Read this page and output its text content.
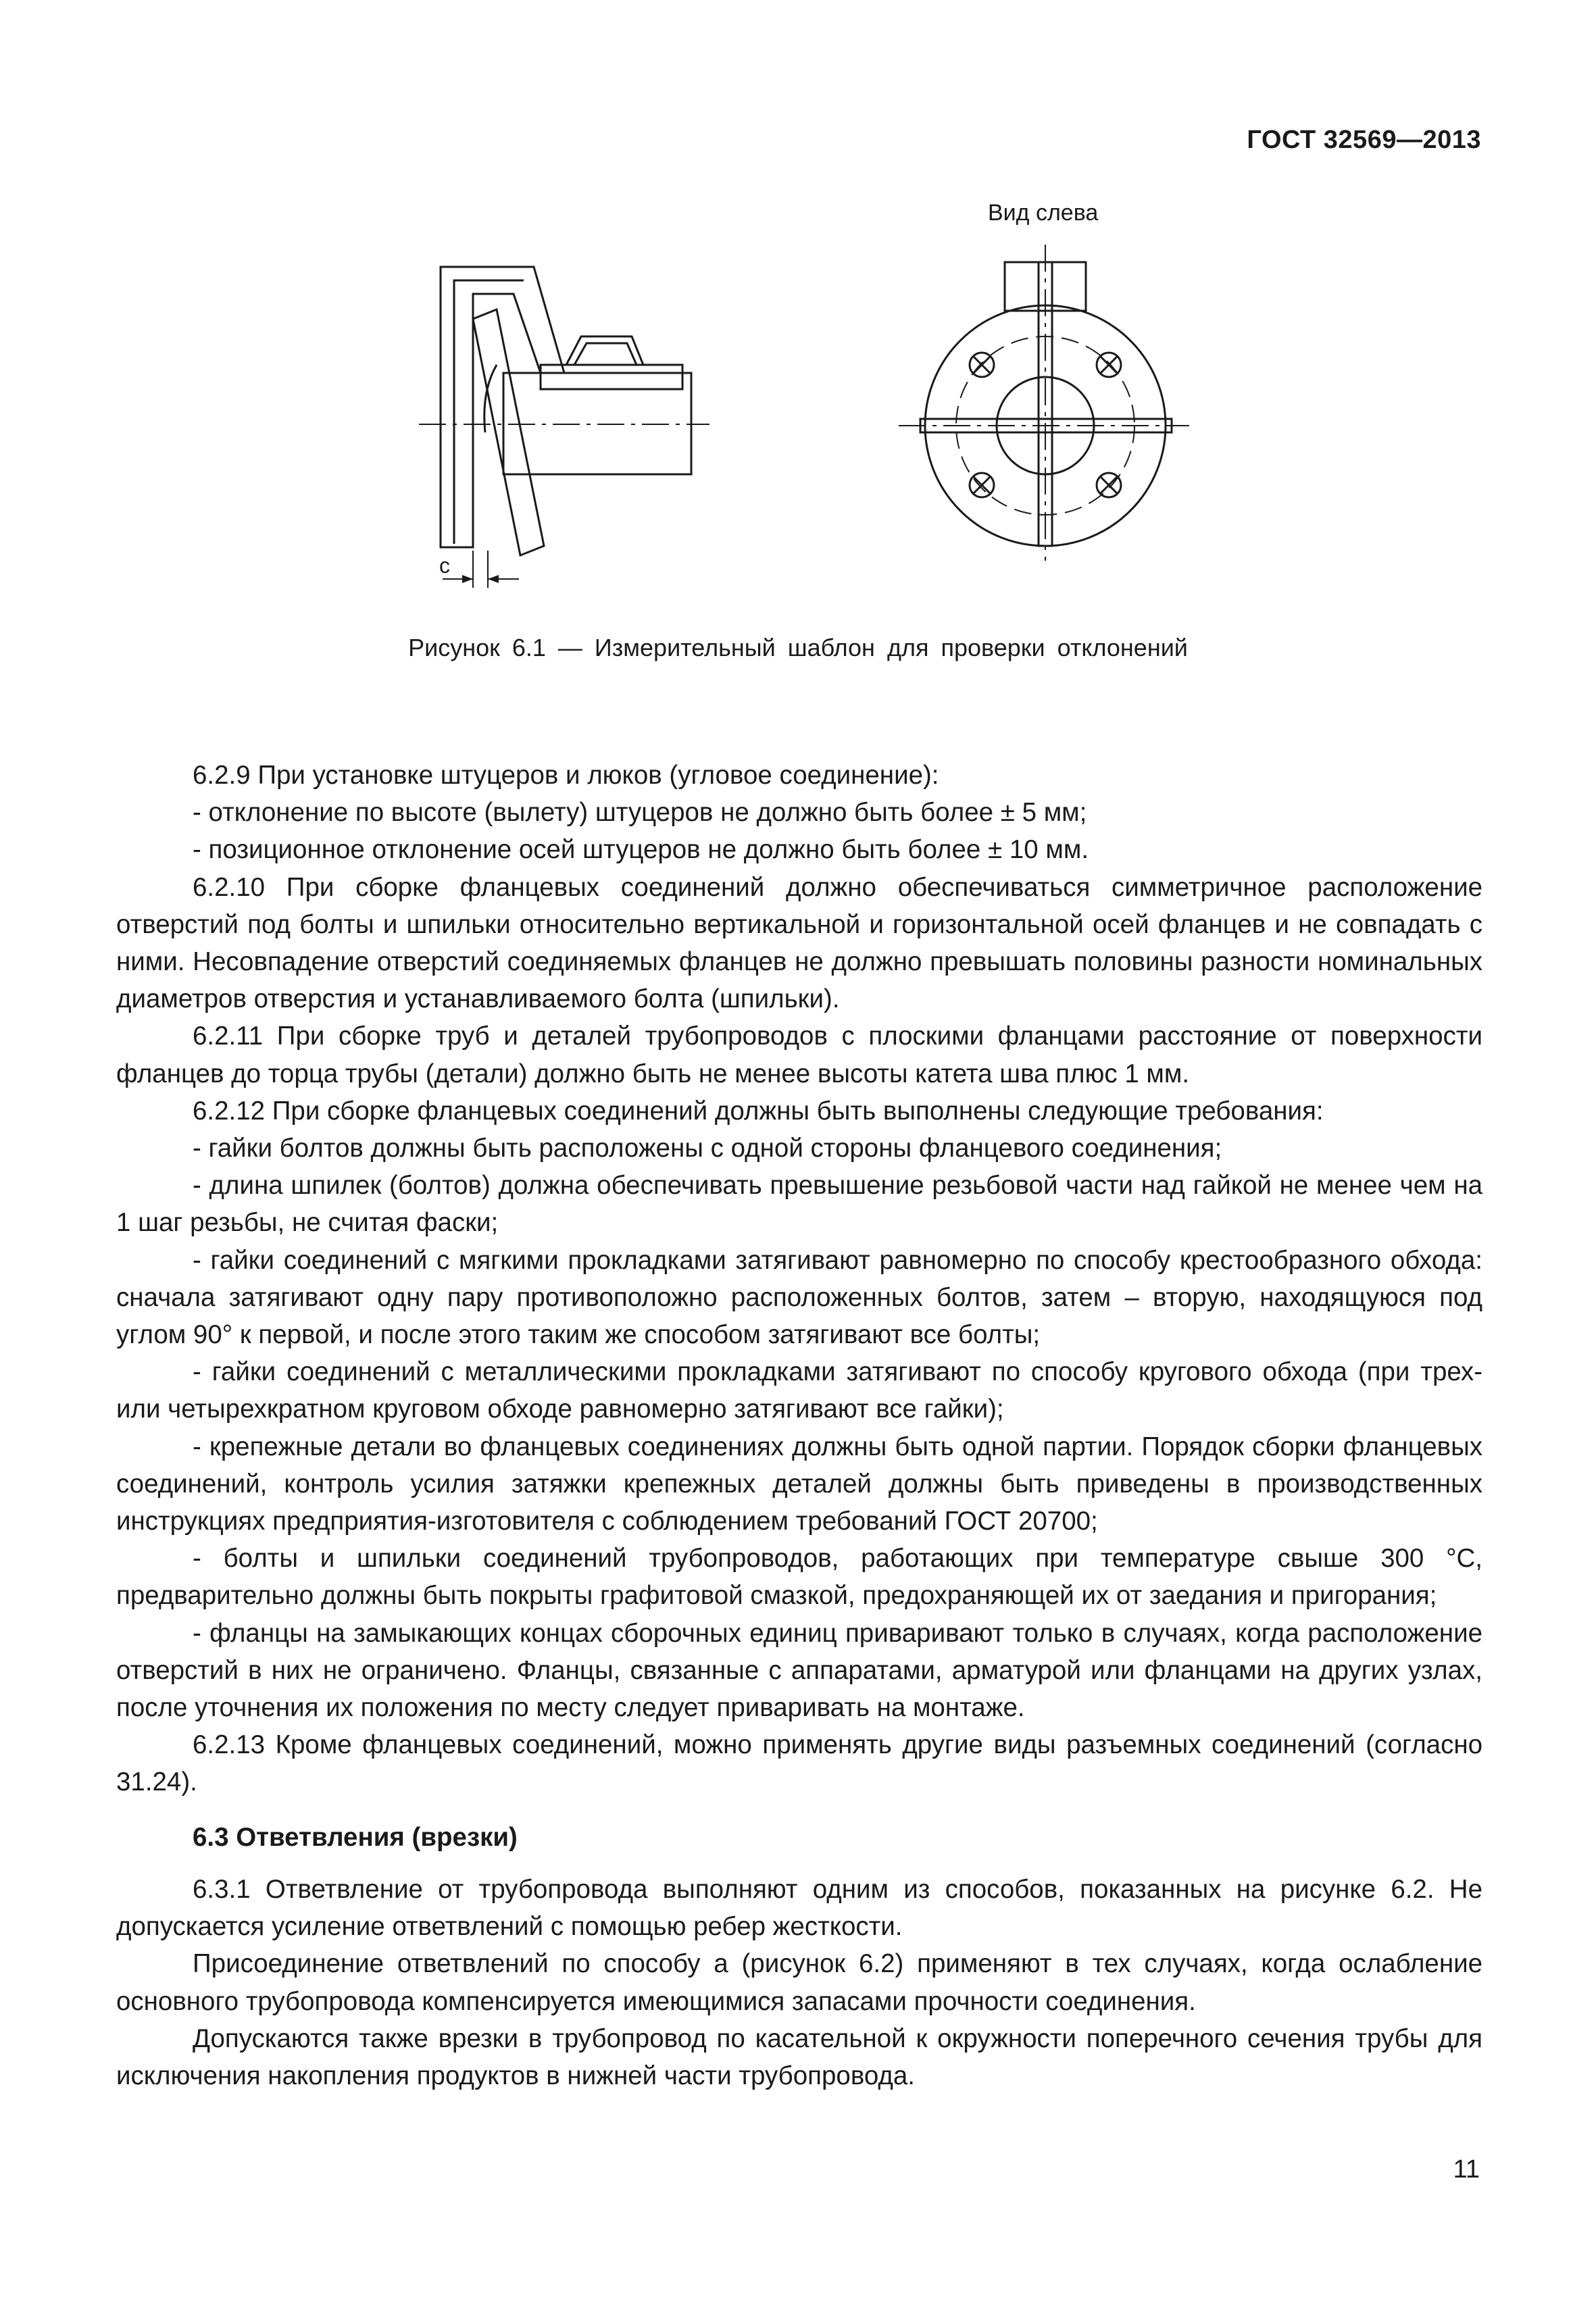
ГОСТ 32569—2013
c
Вид слева
Рисунок 6.1 — Измерительный шаблон для проверки отклонений

6.2.9 При установке штуцеров и люков (угловое соединение):

- отклонение по высоте (вылету) штуцеров не должно быть более ± 5 мм;

- позиционное отклонение осей штуцеров не должно быть более ± 10 мм.

6.2.10 При сборке фланцевых соединений должно обеспечиваться симметричное расположение отверстий под болты и шпильки относительно вертикальной и горизонтальной осей фланцев и не совпадать с ними. Несовпадение отверстий соединяемых фланцев не должно превышать половины разности номинальных диаметров отверстия и устанавливаемого болта (шпильки).

6.2.11 При сборке труб и деталей трубопроводов с плоскими фланцами расстояние от поверхности фланцев до торца трубы (детали) должно быть не менее высоты катета шва плюс 1 мм.

6.2.12 При сборке фланцевых соединений должны быть выполнены следующие требования:

- гайки болтов должны быть расположены с одной стороны фланцевого соединения;

- длина шпилек (болтов) должна обеспечивать превышение резьбовой части над гайкой не менее чем на 1 шаг резьбы, не считая фаски;

- гайки соединений с мягкими прокладками затягивают равномерно по способу крестообразного обхода: сначала затягивают одну пару противоположно расположенных болтов, затем – вторую, находящуюся под углом 90° к первой, и после этого таким же способом затягивают все болты;

- гайки соединений с металлическими прокладками затягивают по способу кругового обхода (при трех- или четырехкратном круговом обходе равномерно затягивают все гайки);

- крепежные детали во фланцевых соединениях должны быть одной партии. Порядок сборки фланцевых соединений, контроль усилия затяжки крепежных деталей должны быть приведены в производственных инструкциях предприятия-изготовителя с соблюдением требований ГОСТ 20700;

- болты и шпильки соединений трубопроводов, работающих при температуре свыше 300 °С, предварительно должны быть покрыты графитовой смазкой, предохраняющей их от заедания и пригорания;

- фланцы на замыкающих концах сборочных единиц приваривают только в случаях, когда расположение отверстий в них не ограничено. Фланцы, связанные с аппаратами, арматурой или фланцами на других узлах, после уточнения их положения по месту следует приваривать на монтаже.

6.2.13 Кроме фланцевых соединений, можно применять другие виды разъемных соединений (согласно 31.24).

6.3 Ответвления (врезки)

6.3.1 Ответвление от трубопровода выполняют одним из способов, показанных на рисунке 6.2. Не допускается усиление ответвлений с помощью ребер жесткости.

Присоединение ответвлений по способу а (рисунок 6.2) применяют в тех случаях, когда ослабление основного трубопровода компенсируется имеющимися запасами прочности соединения.

Допускаются также врезки в трубопровод по касательной к окружности поперечного сечения трубы для исключения накопления продуктов в нижней части трубопровода.

11
